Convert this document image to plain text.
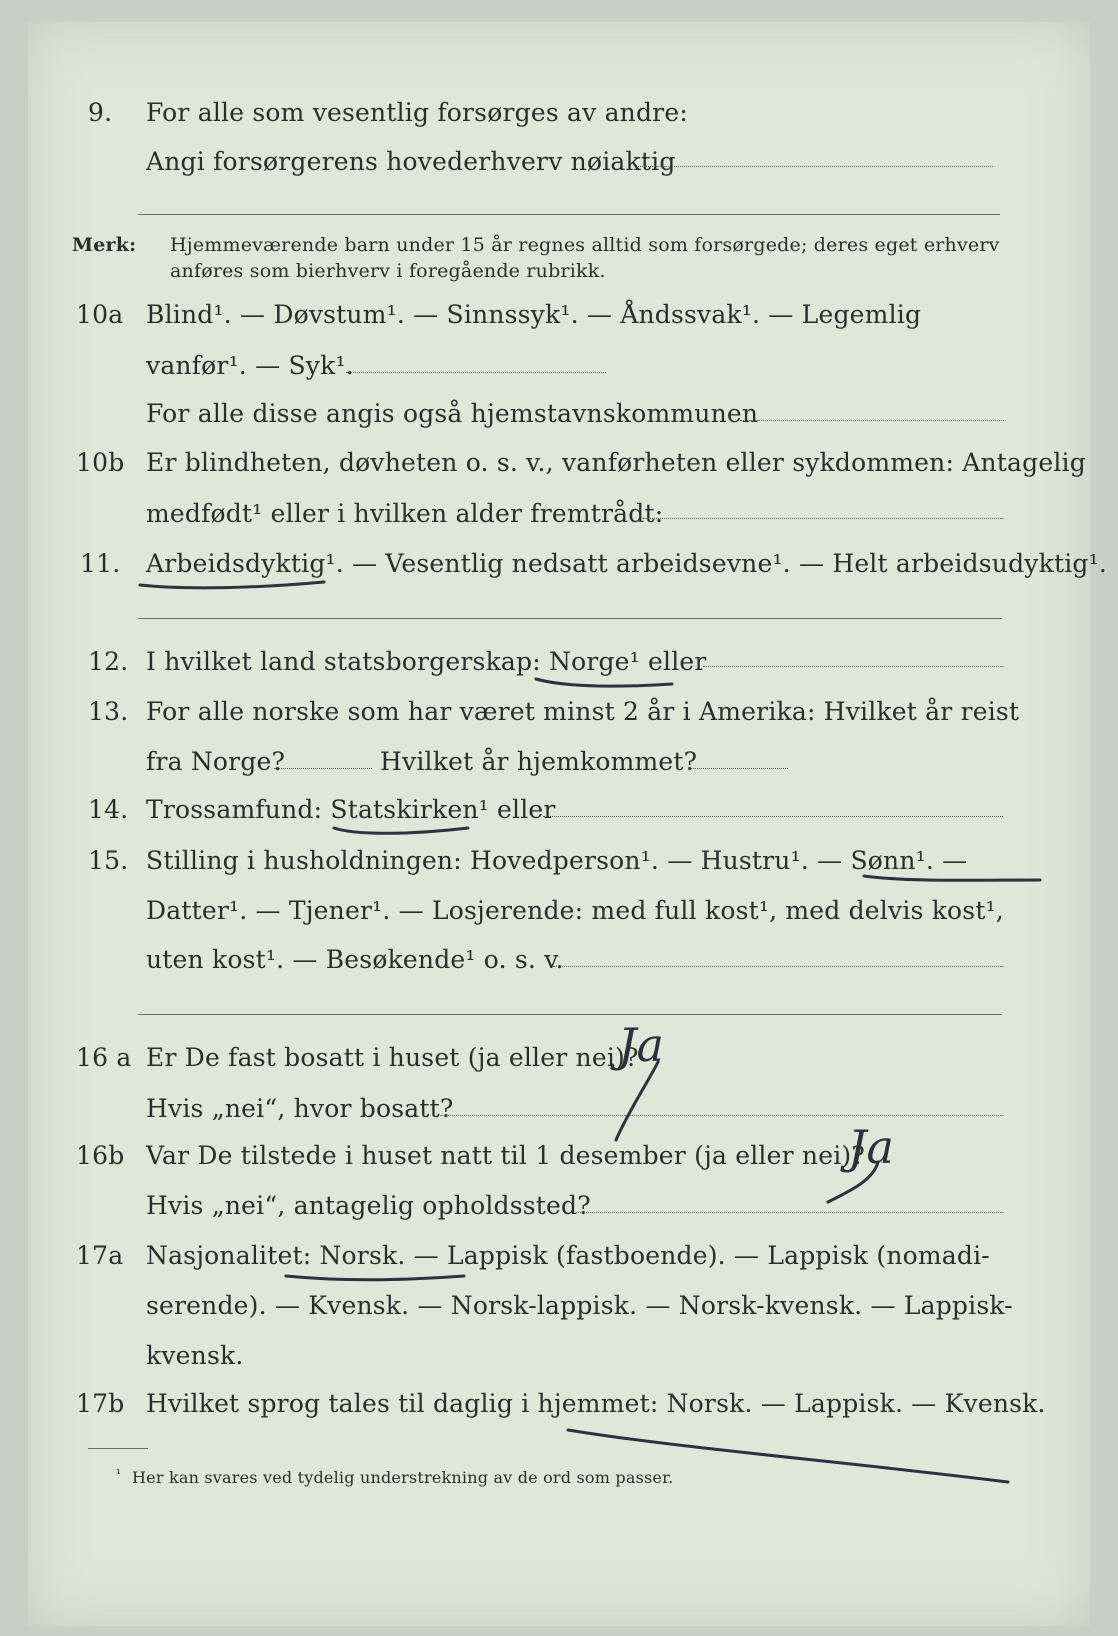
9. For alle som vesentlig forsørges av andre:
Angi forsørgerens hovederhverv nøiaktig
Merk: Hjemmeværende barn under 15 år regnes alltid som forsørgede; deres eget erhverv
anføres som bierhverv i foregående rubrikk.
10a Blind¹. — Døvstum¹. — Sinnssyk¹. — Åndssvak¹. — Legemlig
vanfør¹. — Syk¹.
For alle disse angis også hjemstavnskommunen
10b Er blindheten, døvheten o. s. v., vanførheten eller sykdommen: Antagelig
medfødt¹ eller i hvilken alder fremtrådt:
11. Arbeidsdyktig¹. — Vesentlig nedsatt arbeidsevne¹. — Helt arbeidsudyktig¹.
12. I hvilket land statsborgerskap: Norge¹ eller
13. For alle norske som har været minst 2 år i Amerika: Hvilket år reist
fra Norge?	Hvilket år hjemkommet?
14. Trossamfund: Statskirken¹ eller
15. Stilling i husholdningen: Hovedperson¹. — Hustru¹. — Sønn¹. —
Datter¹. — Tjener¹. — Losjerende: med full kost¹, med delvis kost¹,
uten kost¹. — Besøkende¹ o. s. v.
16 a Er De fast bosatt i huset (ja eller nei)?
Ja
Hvis „nei“, hvor bosatt?
16b Var De tilstede i huset natt til 1 desember (ja eller nei)?
Ja
Hvis „nei“, antagelig opholdssted?
17a Nasjonalitet: Norsk. — Lappisk (fastboende). — Lappisk (nomadi-
serende). — Kvensk. — Norsk-lappisk. — Norsk-kvensk. — Lappisk-
kvensk.
17b Hvilket sprog tales til daglig i hjemmet: Norsk. — Lappisk. — Kvensk.
¹ Her kan svares ved tydelig understrekning av de ord som passer.
